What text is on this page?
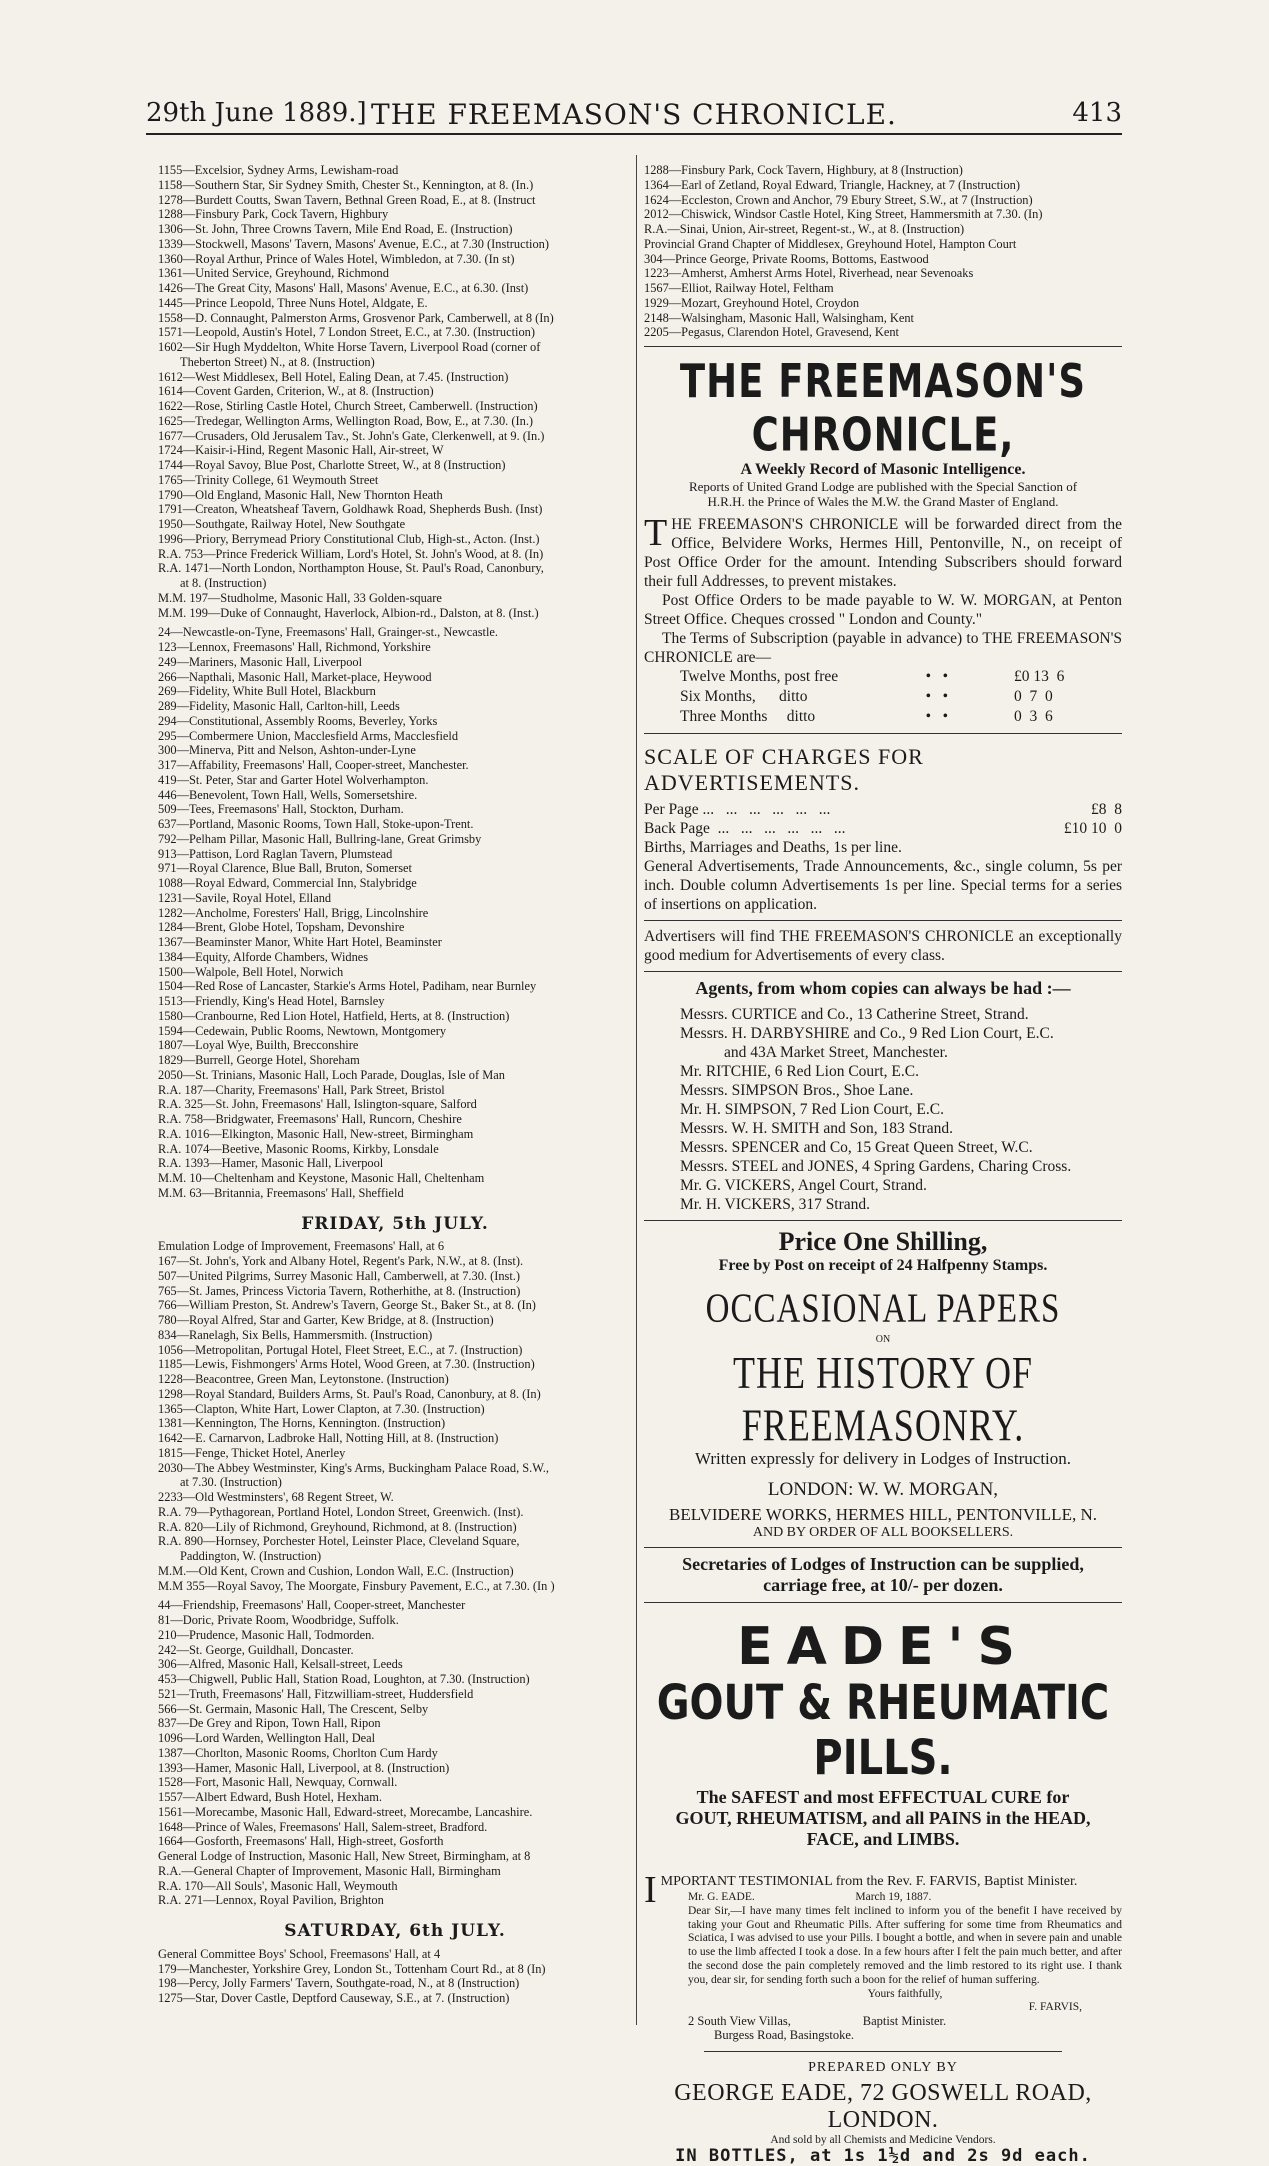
29th June 1889.] THE FREEMASON'S CHRONICLE.	413
1155—Excelsior, Sydney Arms, Lewisham-road
1158—Southern Star, Sir Sydney Smith, Chester St., Kennington, at 8. (In.)
1278—Burdett Coutts, Swan Tavern, Bethnal Green Road, E., at 8. (Instruct
1288—Finsbury Park, Cock Tavern, Highbury
1306—St. John, Three Crowns Tavern, Mile End Road, E. (Instruction)
1339—Stockwell, Masons' Tavern, Masons' Avenue, E.C., at 7.30 (Instruction)
1360—Royal Arthur, Prince of Wales Hotel, Wimbledon, at 7.30. (In st)
1361—United Service, Greyhound, Richmond
1426—The Great City, Masons' Hall, Masons' Avenue, E.C., at 6.30. (Inst)
1445—Prince Leopold, Three Nuns Hotel, Aldgate, E.
1558—D. Connaught, Palmerston Arms, Grosvenor Park, Camberwell, at 8 (In)
1571—Leopold, Austin's Hotel, 7 London Street, E.C., at 7.30. (Instruction)
1602—Sir Hugh Myddelton, White Horse Tavern, Liverpool Road (corner of
Theberton Street) N., at 8. (Instruction)
1612—West Middlesex, Bell Hotel, Ealing Dean, at 7.45. (Instruction)
1614—Covent Garden, Criterion, W., at 8. (Instruction)
1622—Rose, Stirling Castle Hotel, Church Street, Camberwell. (Instruction)
1625—Tredegar, Wellington Arms, Wellington Road, Bow, E., at 7.30. (In.)
1677—Crusaders, Old Jerusalem Tav., St. John's Gate, Clerkenwell, at 9. (In.)
1724—Kaisir-i-Hind, Regent Masonic Hall, Air-street, W
1744—Royal Savoy, Blue Post, Charlotte Street, W., at 8 (Instruction)
1765—Trinity College, 61 Weymouth Street
1790—Old England, Masonic Hall, New Thornton Heath
1791—Creaton, Wheatsheaf Tavern, Goldhawk Road, Shepherds Bush. (Inst)
1950—Southgate, Railway Hotel, New Southgate
1996—Priory, Berrymead Priory Constitutional Club, High-st., Acton. (Inst.)
R.A. 753—Prince Frederick William, Lord's Hotel, St. John's Wood, at 8. (In)
R.A. 1471—North London, Northampton House, St. Paul's Road, Canonbury,
at 8. (Instruction)
M.M. 197—Studholme, Masonic Hall, 33 Golden-square
M.M. 199—Duke of Connaught, Haverlock, Albion-rd., Dalston, at 8. (Inst.)
24—Newcastle-on-Tyne, Freemasons' Hall, Grainger-st., Newcastle.
123—Lennox, Freemasons' Hall, Richmond, Yorkshire
249—Mariners, Masonic Hall, Liverpool
266—Napthali, Masonic Hall, Market-place, Heywood
269—Fidelity, White Bull Hotel, Blackburn
289—Fidelity, Masonic Hall, Carlton-hill, Leeds
294—Constitutional, Assembly Rooms, Beverley, Yorks
295—Combermere Union, Macclesfield Arms, Macclesfield
300—Minerva, Pitt and Nelson, Ashton-under-Lyne
317—Affability, Freemasons' Hall, Cooper-street, Manchester.
419—St. Peter, Star and Garter Hotel Wolverhampton.
446—Benevolent, Town Hall, Wells, Somersetshire.
509—Tees, Freemasons' Hall, Stockton, Durham.
637—Portland, Masonic Rooms, Town Hall, Stoke-upon-Trent.
792—Pelham Pillar, Masonic Hall, Bullring-lane, Great Grimsby
913—Pattison, Lord Raglan Tavern, Plumstead
971—Royal Clarence, Blue Ball, Bruton, Somerset
1088—Royal Edward, Commercial Inn, Stalybridge
1231—Savile, Royal Hotel, Elland
1282—Ancholme, Foresters' Hall, Brigg, Lincolnshire
1284—Brent, Globe Hotel, Topsham, Devonshire
1367—Beaminster Manor, White Hart Hotel, Beaminster
1384—Equity, Alforde Chambers, Widnes
1500—Walpole, Bell Hotel, Norwich
1504—Red Rose of Lancaster, Starkie's Arms Hotel, Padiham, near Burnley
1513—Friendly, King's Head Hotel, Barnsley
1580—Cranbourne, Red Lion Hotel, Hatfield, Herts, at 8. (Instruction)
1594—Cedewain, Public Rooms, Newtown, Montgomery
1807—Loyal Wye, Builth, Brecconshire
1829—Burrell, George Hotel, Shoreham
2050—St. Trinians, Masonic Hall, Loch Parade, Douglas, Isle of Man
R.A. 187—Charity, Freemasons' Hall, Park Street, Bristol
R.A. 325—St. John, Freemasons' Hall, Islington-square, Salford
R.A. 758—Bridgwater, Freemasons' Hall, Runcorn, Cheshire
R.A. 1016—Elkington, Masonic Hall, New-street, Birmingham
R.A. 1074—Beetive, Masonic Rooms, Kirkby, Lonsdale
R.A. 1393—Hamer, Masonic Hall, Liverpool
M.M. 10—Cheltenham and Keystone, Masonic Hall, Cheltenham
M.M. 63—Britannia, Freemasons' Hall, Sheffield
FRIDAY, 5th JULY.
Emulation Lodge of Improvement, Freemasons' Hall, at 6
167—St. John's, York and Albany Hotel, Regent's Park, N.W., at 8. (Inst).
507—United Pilgrims, Surrey Masonic Hall, Camberwell, at 7.30. (Inst.)
765—St. James, Princess Victoria Tavern, Rotherhithe, at 8. (Instruction)
766—William Preston, St. Andrew's Tavern, George St., Baker St., at 8. (In)
780—Royal Alfred, Star and Garter, Kew Bridge, at 8. (Instruction)
834—Ranelagh, Six Bells, Hammersmith. (Instruction)
1056—Metropolitan, Portugal Hotel, Fleet Street, E.C., at 7. (Instruction)
1185—Lewis, Fishmongers' Arms Hotel, Wood Green, at 7.30. (Instruction)
1228—Beacontree, Green Man, Leytonstone. (Instruction)
1298—Royal Standard, Builders Arms, St. Paul's Road, Canonbury, at 8. (In)
1365—Clapton, White Hart, Lower Clapton, at 7.30. (Instruction)
1381—Kennington, The Horns, Kennington. (Instruction)
1642—E. Carnarvon, Ladbroke Hall, Notting Hill, at 8. (Instruction)
1815—Fenge, Thicket Hotel, Anerley
2030—The Abbey Westminster, King's Arms, Buckingham Palace Road, S.W.,
at 7.30. (Instruction)
2233—Old Westminsters', 68 Regent Street, W.
R.A. 79—Pythagorean, Portland Hotel, London Street, Greenwich. (Inst).
R.A. 820—Lily of Richmond, Greyhound, Richmond, at 8. (Instruction)
R.A. 890—Hornsey, Porchester Hotel, Leinster Place, Cleveland Square,
Paddington, W. (Instruction)
M.M.—Old Kent, Crown and Cushion, London Wall, E.C. (Instruction)
M.M 355—Royal Savoy, The Moorgate, Finsbury Pavement, E.C., at 7.30. (In )
44—Friendship, Freemasons' Hall, Cooper-street, Manchester
81—Doric, Private Room, Woodbridge, Suffolk.
210—Prudence, Masonic Hall, Todmorden.
242—St. George, Guildhall, Doncaster.
306—Alfred, Masonic Hall, Kelsall-street, Leeds
453—Chigwell, Public Hall, Station Road, Loughton, at 7.30. (Instruction)
521—Truth, Freemasons' Hall, Fitzwilliam-street, Huddersfield
566—St. Germain, Masonic Hall, The Crescent, Selby
837—De Grey and Ripon, Town Hall, Ripon
1096—Lord Warden, Wellington Hall, Deal
1387—Chorlton, Masonic Rooms, Chorlton Cum Hardy
1393—Hamer, Masonic Hall, Liverpool, at 8. (Instruction)
1528—Fort, Masonic Hall, Newquay, Cornwall.
1557—Albert Edward, Bush Hotel, Hexham.
1561—Morecambe, Masonic Hall, Edward-street, Morecambe, Lancashire.
1648—Prince of Wales, Freemasons' Hall, Salem-street, Bradford.
1664—Gosforth, Freemasons' Hall, High-street, Gosforth
General Lodge of Instruction, Masonic Hall, New Street, Birmingham, at 8
R.A.—General Chapter of Improvement, Masonic Hall, Birmingham
R.A. 170—All Souls', Masonic Hall, Weymouth
R.A. 271—Lennox, Royal Pavilion, Brighton
SATURDAY, 6th JULY.
General Committee Boys' School, Freemasons' Hall, at 4
179—Manchester, Yorkshire Grey, London St., Tottenham Court Rd., at 8 (In)
198—Percy, Jolly Farmers' Tavern, Southgate-road, N., at 8 (Instruction)
1275—Star, Dover Castle, Deptford Causeway, S.E., at 7. (Instruction)
1288—Finsbury Park, Cock Tavern, Highbury, at 8 (Instruction)
1364—Earl of Zetland, Royal Edward, Triangle, Hackney, at 7 (Instruction)
1624—Eccleston, Crown and Anchor, 79 Ebury Street, S.W., at 7 (Instruction)
2012—Chiswick, Windsor Castle Hotel, King Street, Hammersmith at 7.30. (In)
R.A.—Sinai, Union, Air-street, Regent-st., W., at 8. (Instruction)
Provincial Grand Chapter of Middlesex, Greyhound Hotel, Hampton Court
304—Prince George, Private Rooms, Bottoms, Eastwood
1223—Amherst, Amherst Arms Hotel, Riverhead, near Sevenoaks
1567—Elliot, Railway Hotel, Feltham
1929—Mozart, Greyhound Hotel, Croydon
2148—Walsingham, Masonic Hall, Walsingham, Kent
2205—Pegasus, Clarendon Hotel, Gravesend, Kent
THE FREEMASON'S CHRONICLE,
A Weekly Record of Masonic Intelligence.
Reports of United Grand Lodge are published with the Special Sanction of
H.R.H. the Prince of Wales the M.W. the Grand Master of England.
THE FREEMASON'S CHRONICLE will be forwarded direct from the Office, Belvidere Works, Hermes Hill, Pentonville, N., on receipt of Post Office Order for the amount. Intending Subscribers should forward their full Addresses, to prevent mistakes.
Post Office Orders to be made payable to W. W. MORGAN, at Penton Street Office. Cheques crossed " London and County."
The Terms of Subscription (payable in advance) to THE FREEMASON'S CHRONICLE are—
Twelve Months, post free	•   •	£0 13  6
Six Months,      ditto	•   •	0  7  0
Three Months     ditto	•   •	0  3  6
SCALE OF CHARGES FOR ADVERTISEMENTS.
Per Page ...   ...   ...   ...   ...   ...	£8  8
Back Page  ...   ...   ...   ...   ...   ...	£10 10  0
Births, Marriages and Deaths, 1s per line.
General Advertisements, Trade Announcements, &c., single column, 5s per inch. Double column Advertisements 1s per line. Special terms for a series of insertions on application.
Advertisers will find THE FREEMASON'S CHRONICLE an exceptionally good medium for Advertisements of every class.
Agents, from whom copies can always be had :—
Messrs. CURTICE and Co., 13 Catherine Street, Strand.
Messrs. H. DARBYSHIRE and Co., 9 Red Lion Court, E.C.
and 43A Market Street, Manchester.
Mr. RITCHIE, 6 Red Lion Court, E.C.
Messrs. SIMPSON Bros., Shoe Lane.
Mr. H. SIMPSON, 7 Red Lion Court, E.C.
Messrs. W. H. SMITH and Son, 183 Strand.
Messrs. SPENCER and Co, 15 Great Queen Street, W.C.
Messrs. STEEL and JONES, 4 Spring Gardens, Charing Cross.
Mr. G. VICKERS, Angel Court, Strand.
Mr. H. VICKERS, 317 Strand.
Price One Shilling,
Free by Post on receipt of 24 Halfpenny Stamps.
OCCASIONAL PAPERS
ON
THE HISTORY OF FREEMASONRY.
Written expressly for delivery in Lodges of Instruction.
LONDON: W. W. MORGAN,
BELVIDERE WORKS, HERMES HILL, PENTONVILLE, N.
AND BY ORDER OF ALL BOOKSELLERS.
Secretaries of Lodges of Instruction can be supplied,
carriage free, at 10/- per dozen.
EADE'S
GOUT & RHEUMATIC PILLS.
The SAFEST and most EFFECTUAL CURE for
GOUT, RHEUMATISM, and all PAINS in the HEAD,
FACE, and LIMBS.
IMPORTANT TESTIMONIAL from the Rev. F. FARVIS, Baptist Minister.
Mr. G. EADE.                                   March 19, 1887.
Dear Sir,—I have many times felt inclined to inform you of the benefit I have received by taking your Gout and Rheumatic Pills. After suffering for some time from Rheumatics and Sciatica, I was advised to use your Pills. I bought a bottle, and when in severe pain and unable to use the limb affected I took a dose. In a few hours after I felt the pain much better, and after the second dose the pain completely removed and the limb restored to its right use. I thank you, dear sir, for sending forth such a boon for the relief of human suffering.
Yours faithfully,
F. FARVIS,
2 South View Villas,                       Baptist Minister.
Burgess Road, Basingstoke.
PREPARED ONLY BY
GEORGE EADE, 72 GOSWELL ROAD, LONDON.
And sold by all Chemists and Medicine Vendors.
IN BOTTLES, at 1s 1½d and 2s 9d each.
